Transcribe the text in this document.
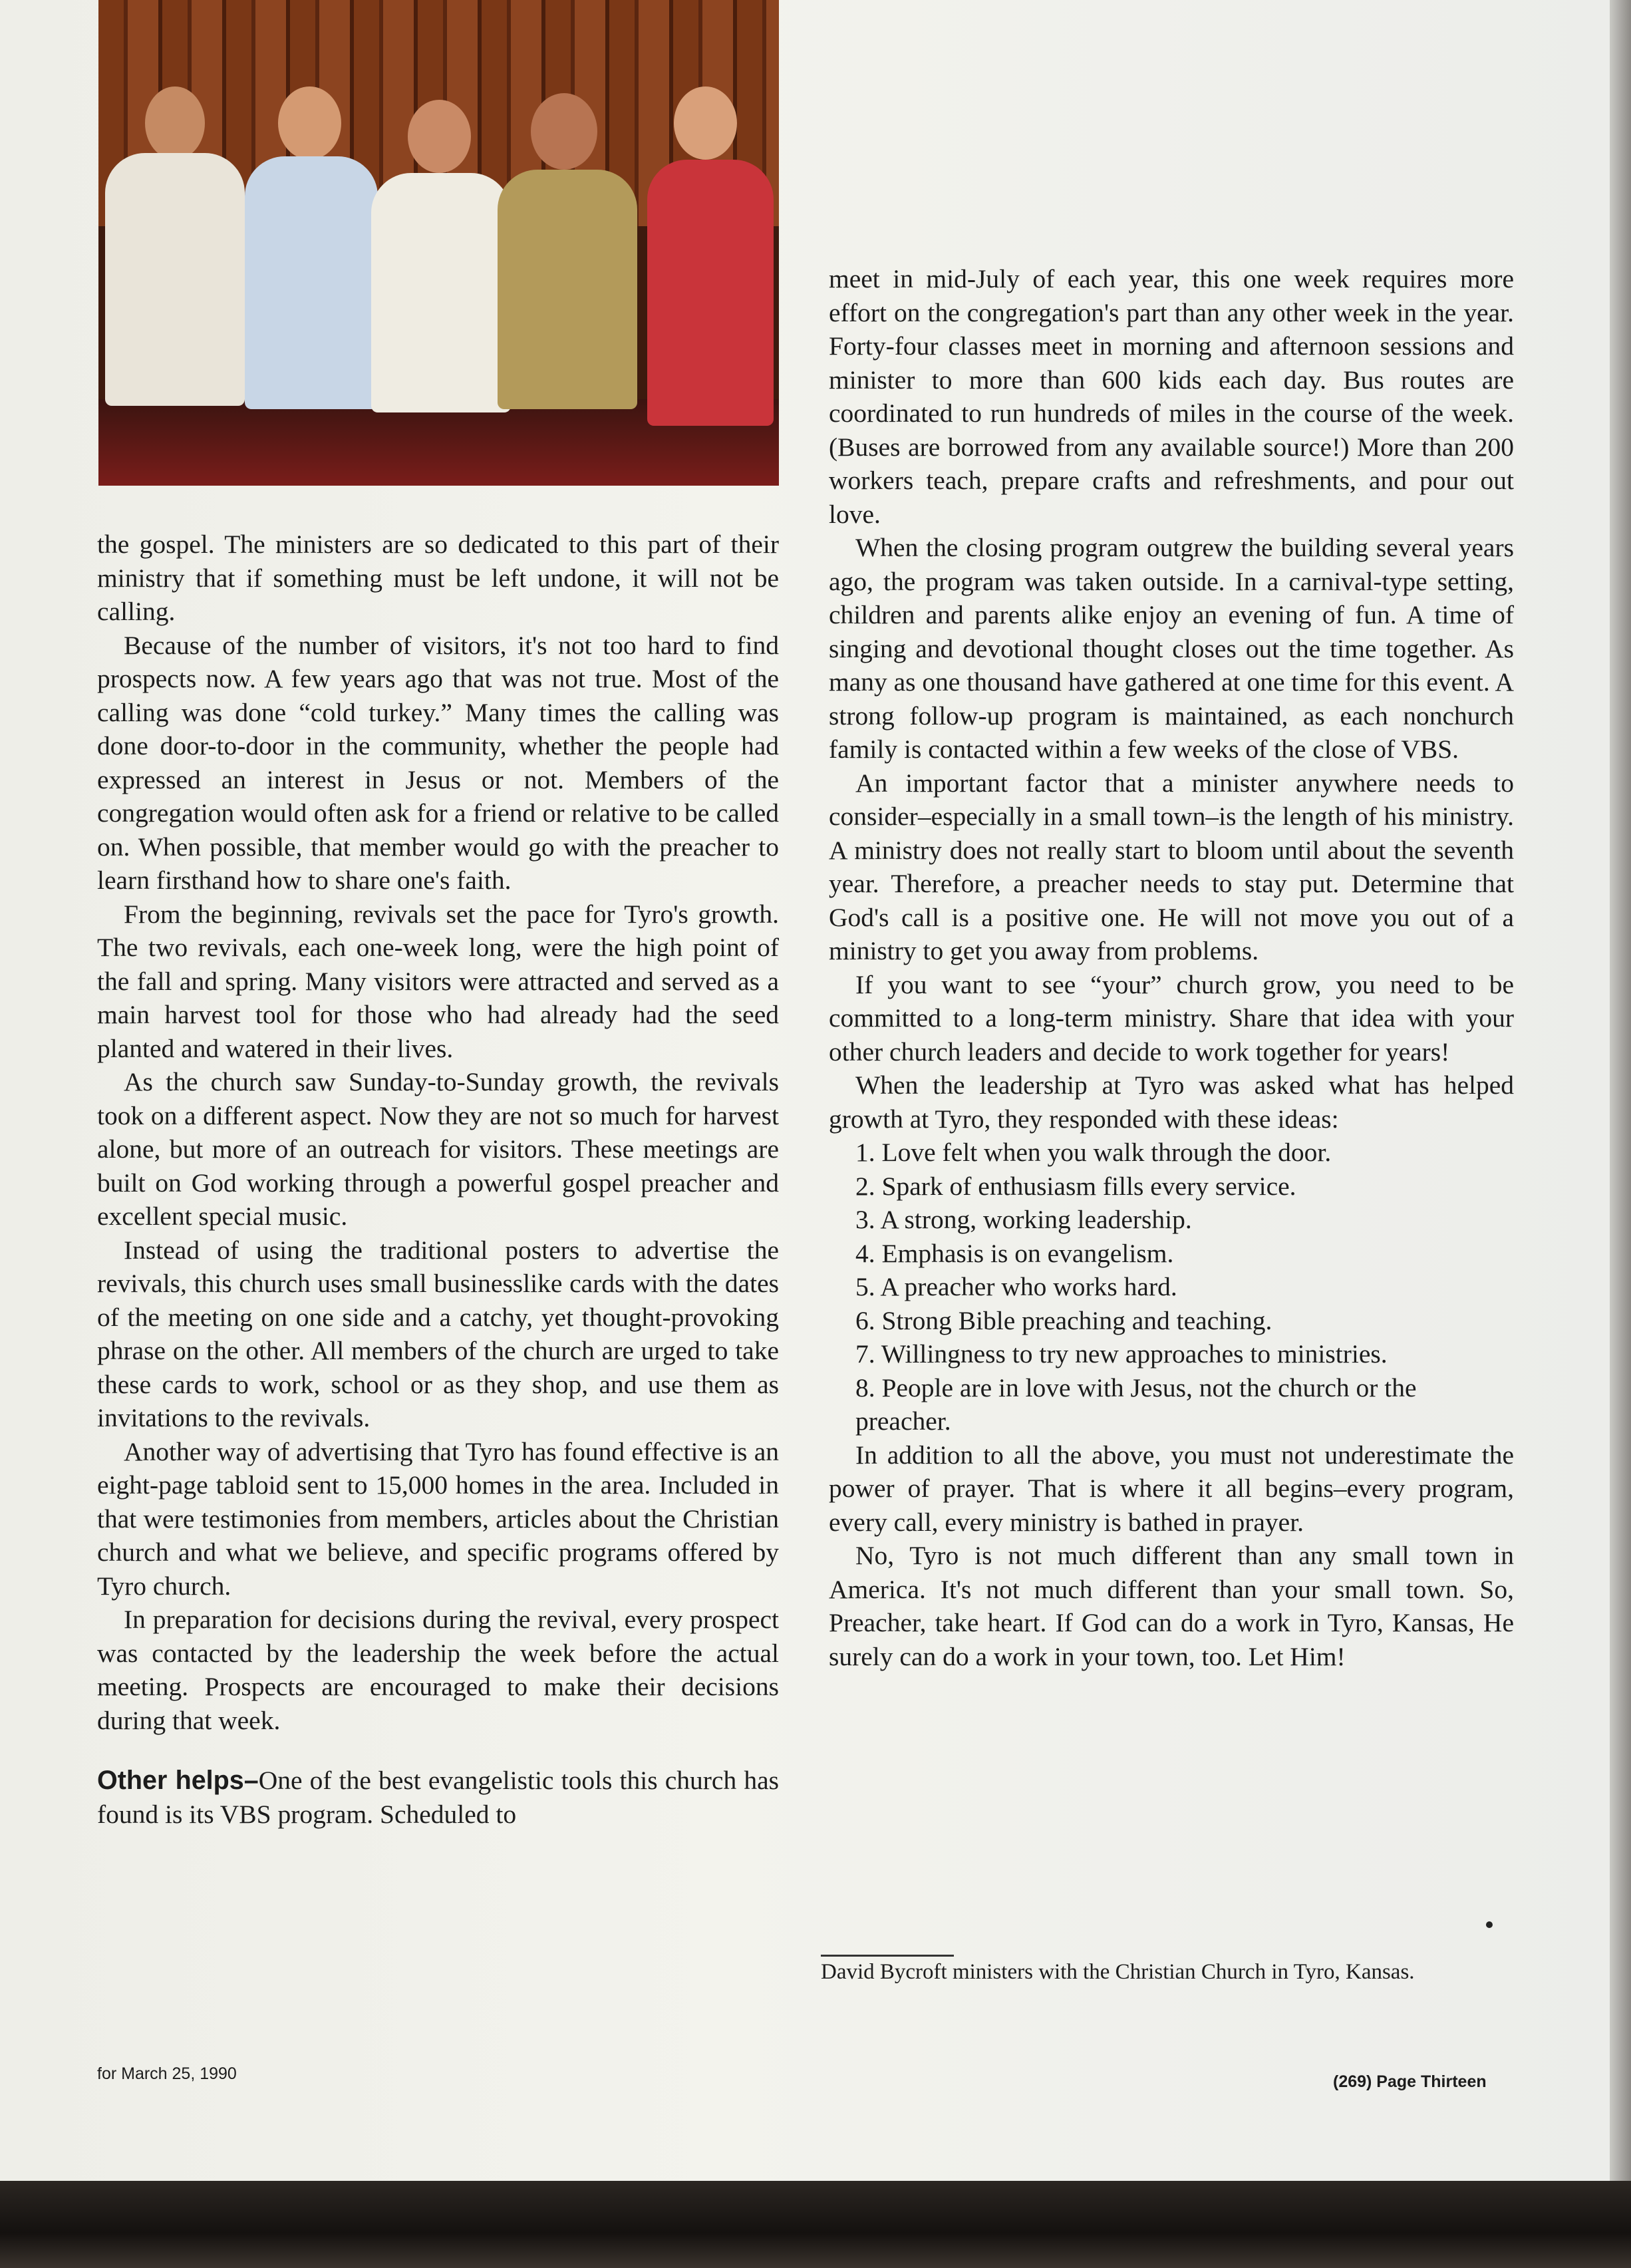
the gospel. The ministers are so dedicated to this part of their ministry that if something must be left undone, it will not be calling.

Because of the number of visitors, it's not too hard to find prospects now. A few years ago that was not true. Most of the calling was done “cold turkey.” Many times the calling was done door-to-door in the community, whether the people had expressed an interest in Jesus or not. Members of the congregation would often ask for a friend or relative to be called on. When possible, that member would go with the preacher to learn firsthand how to share one's faith.

From the beginning, revivals set the pace for Tyro's growth. The two revivals, each one-week long, were the high point of the fall and spring. Many visitors were attracted and served as a main harvest tool for those who had already had the seed planted and watered in their lives.

As the church saw Sunday-to-Sunday growth, the revivals took on a different aspect. Now they are not so much for harvest alone, but more of an outreach for visitors. These meetings are built on God working through a powerful gospel preacher and excellent special music.

Instead of using the traditional posters to advertise the revivals, this church uses small businesslike cards with the dates of the meeting on one side and a catchy, yet thought-provoking phrase on the other. All members of the church are urged to take these cards to work, school or as they shop, and use them as invitations to the revivals.

Another way of advertising that Tyro has found effective is an eight-page tabloid sent to 15,000 homes in the area. Included in that were testimonies from members, articles about the Christian church and what we believe, and specific programs offered by Tyro church.

In preparation for decisions during the revival, every prospect was contacted by the leadership the week before the actual meeting. Prospects are encouraged to make their decisions during that week.

Other helps–One of the best evangelistic tools this church has found is its VBS program. Scheduled to

meet in mid-July of each year, this one week requires more effort on the congregation's part than any other week in the year. Forty-four classes meet in morning and afternoon sessions and minister to more than 600 kids each day. Bus routes are coordinated to run hundreds of miles in the course of the week. (Buses are borrowed from any available source!) More than 200 workers teach, prepare crafts and refreshments, and pour out love.

When the closing program outgrew the building several years ago, the program was taken outside. In a carnival-type setting, children and parents alike enjoy an evening of fun. A time of singing and devotional thought closes out the time together. As many as one thousand have gathered at one time for this event. A strong follow-up program is maintained, as each nonchurch family is contacted within a few weeks of the close of VBS.

An important factor that a minister anywhere needs to consider–especially in a small town–is the length of his ministry. A ministry does not really start to bloom until about the seventh year. Therefore, a preacher needs to stay put. Determine that God's call is a positive one. He will not move you out of a ministry to get you away from problems.

If you want to see “your” church grow, you need to be committed to a long-term ministry. Share that idea with your other church leaders and decide to work together for years!

When the leadership at Tyro was asked what has helped growth at Tyro, they responded with these ideas:

1. Love felt when you walk through the door.
2. Spark of enthusiasm fills every service.
3. A strong, working leadership.
4. Emphasis is on evangelism.
5. A preacher who works hard.
6. Strong Bible preaching and teaching.
7. Willingness to try new approaches to ministries.
8. People are in love with Jesus, not the church or the preacher.

In addition to all the above, you must not underestimate the power of prayer. That is where it all begins–every program, every call, every ministry is bathed in prayer.

No, Tyro is not much different than any small town in America. It's not much different than your small town. So, Preacher, take heart. If God can do a work in Tyro, Kansas, He surely can do a work in your town, too. Let Him!

David Bycroft ministers with the Christian Church in Tyro, Kansas.
for March 25, 1990	(269) Page Thirteen
